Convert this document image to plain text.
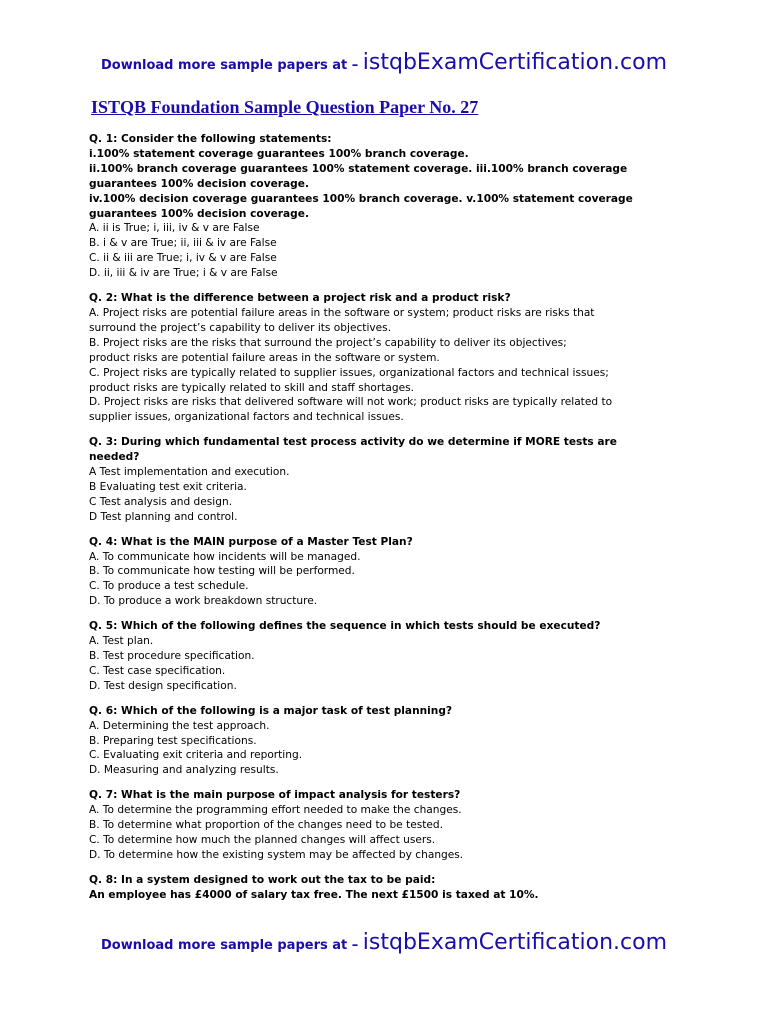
Download more sample papers at – istqbExamCertification.com
ISTQB Foundation Sample Question Paper No. 27
Q. 1: Consider the following statements:
i.100% statement coverage guarantees 100% branch coverage.
ii.100% branch coverage guarantees 100% statement coverage. iii.100% branch coverage
guarantees 100% decision coverage.
iv.100% decision coverage guarantees 100% branch coverage. v.100% statement coverage
guarantees 100% decision coverage.
A. ii is True; i, iii, iv & v are False
B. i & v are True; ii, iii & iv are False
C. ii & iii are True; i, iv & v are False
D. ii, iii & iv are True; i & v are False
Q. 2: What is the difference between a project risk and a product risk?
A. Project risks are potential failure areas in the software or system; product risks are risks that
surround the project’s capability to deliver its objectives.
B. Project risks are the risks that surround the project’s capability to deliver its objectives;
product risks are potential failure areas in the software or system.
C. Project risks are typically related to supplier issues, organizational factors and technical issues;
product risks are typically related to skill and staff shortages.
D. Project risks are risks that delivered software will not work; product risks are typically related to
supplier issues, organizational factors and technical issues.
Q. 3: During which fundamental test process activity do we determine if MORE tests are needed?
A Test implementation and execution.
B Evaluating test exit criteria.
C Test analysis and design.
D Test planning and control.
Q. 4: What is the MAIN purpose of a Master Test Plan?
A. To communicate how incidents will be managed.
B. To communicate how testing will be performed.
C. To produce a test schedule.
D. To produce a work breakdown structure.
Q. 5: Which of the following defines the sequence in which tests should be executed?
A. Test plan.
B. Test procedure specification.
C. Test case specification.
D. Test design specification.
Q. 6: Which of the following is a major task of test planning?
A. Determining the test approach.
B. Preparing test specifications.
C. Evaluating exit criteria and reporting.
D. Measuring and analyzing results.
Q. 7: What is the main purpose of impact analysis for testers?
A. To determine the programming effort needed to make the changes.
B. To determine what proportion of the changes need to be tested.
C. To determine how much the planned changes will affect users.
D. To determine how the existing system may be affected by changes.
Q. 8: In a system designed to work out the tax to be paid:
An employee has £4000 of salary tax free. The next £1500 is taxed at 10%.
Download more sample papers at – istqbExamCertification.com
